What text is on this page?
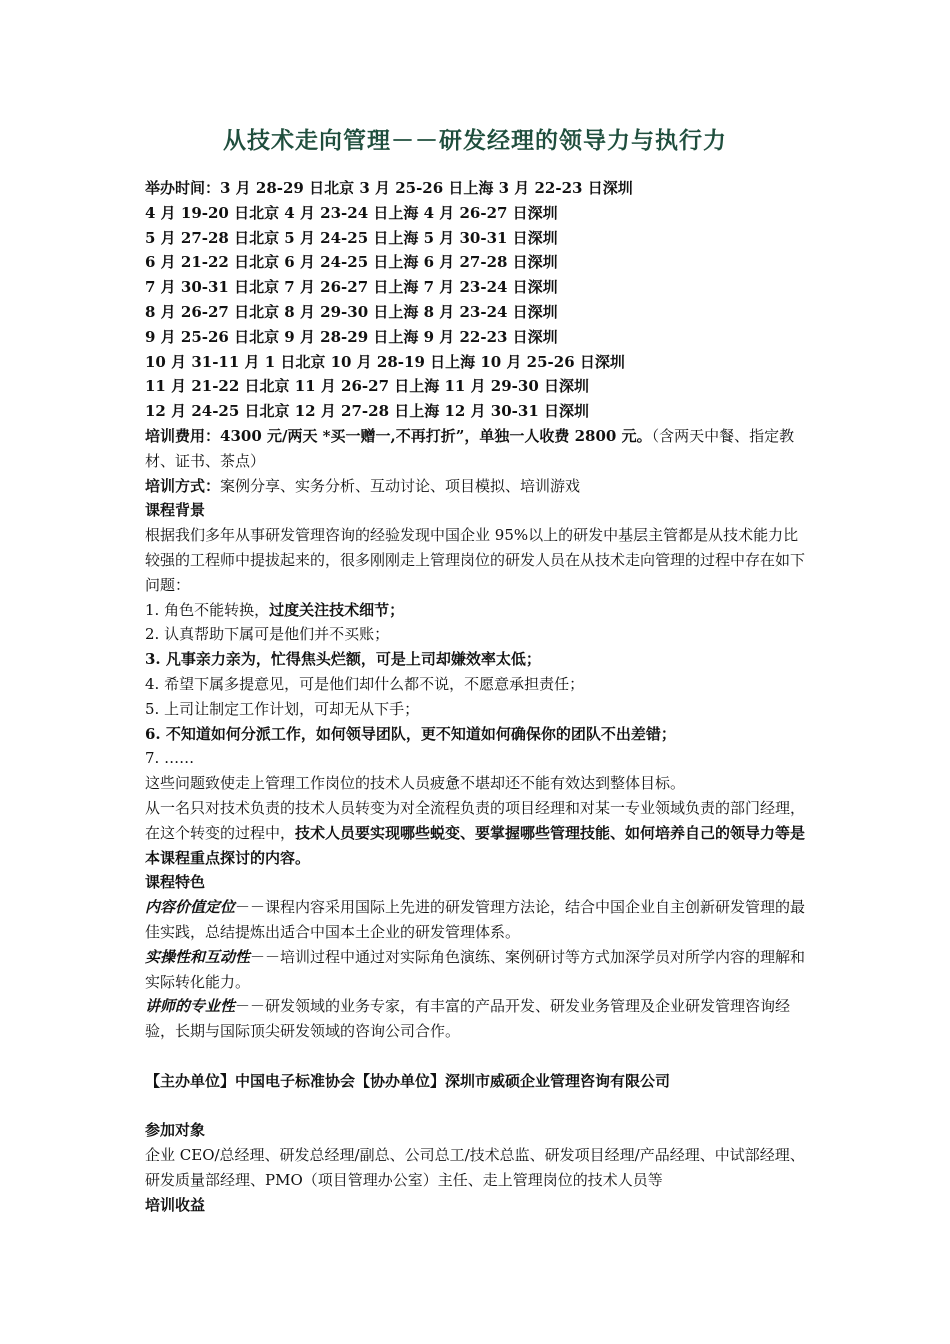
从技术走向管理－－研发经理的领导力与执行力

举办时间：3 月 28-29 日北京 3 月 25-26 日上海 3 月 22-23 日深圳

4 月 19-20 日北京 4 月 23-24 日上海 4 月 26-27 日深圳

5 月 27-28 日北京 5 月 24-25 日上海 5 月 30-31 日深圳

6 月 21-22 日北京 6 月 24-25 日上海 6 月 27-28 日深圳

7 月 30-31 日北京 7 月 26-27 日上海 7 月 23-24 日深圳

8 月 26-27 日北京 8 月 29-30 日上海 8 月 23-24 日深圳

9 月 25-26 日北京 9 月 28-29 日上海 9 月 22-23 日深圳

10 月 31-11 月 1 日北京 10 月 28-19 日上海 10 月 25-26 日深圳

11 月 21-22 日北京 11 月 26-27 日上海 11 月 29-30 日深圳

12 月 24-25 日北京 12 月 27-28 日上海 12 月 30-31 日深圳

培训费用：4300 元/两天 *买一赠一,不再打折”，单独一人收费 2800 元。（含两天中餐、指定教材、证书、茶点）

培训方式：案例分享、实务分析、互动讨论、项目模拟、培训游戏

课程背景

根据我们多年从事研发管理咨询的经验发现中国企业 95%以上的研发中基层主管都是从技术能力比较强的工程师中提拔起来的，很多刚刚走上管理岗位的研发人员在从技术走向管理的过程中存在如下问题：

1. 角色不能转换，过度关注技术细节；

2. 认真帮助下属可是他们并不买账；

3. 凡事亲力亲为，忙得焦头烂额，可是上司却嫌效率太低；

4. 希望下属多提意见，可是他们却什么都不说，不愿意承担责任；

5. 上司让制定工作计划，可却无从下手；

6. 不知道如何分派工作，如何领导团队，更不知道如何确保你的团队不出差错；

7. ……

这些问题致使走上管理工作岗位的技术人员疲惫不堪却还不能有效达到整体目标。

从一名只对技术负责的技术人员转变为对全流程负责的项目经理和对某一专业领域负责的部门经理，在这个转变的过程中，技术人员要实现哪些蜕变、要掌握哪些管理技能、如何培养自己的领导力等是本课程重点探讨的内容。

课程特色

内容价值定位－－课程内容采用国际上先进的研发管理方法论，结合中国企业自主创新研发管理的最佳实践，总结提炼出适合中国本土企业的研发管理体系。

实操性和互动性－－培训过程中通过对实际角色演练、案例研讨等方式加深学员对所学内容的理解和实际转化能力。

讲师的专业性－－研发领域的业务专家，有丰富的产品开发、研发业务管理及企业研发管理咨询经验，长期与国际顶尖研发领域的咨询公司合作。

【主办单位】中国电子标准协会【协办单位】深圳市威硕企业管理咨询有限公司

参加对象

企业 CEO/总经理、研发总经理/副总、公司总工/技术总监、研发项目经理/产品经理、中试部经理、研发质量部经理、PMO（项目管理办公室）主任、走上管理岗位的技术人员等

培训收益
